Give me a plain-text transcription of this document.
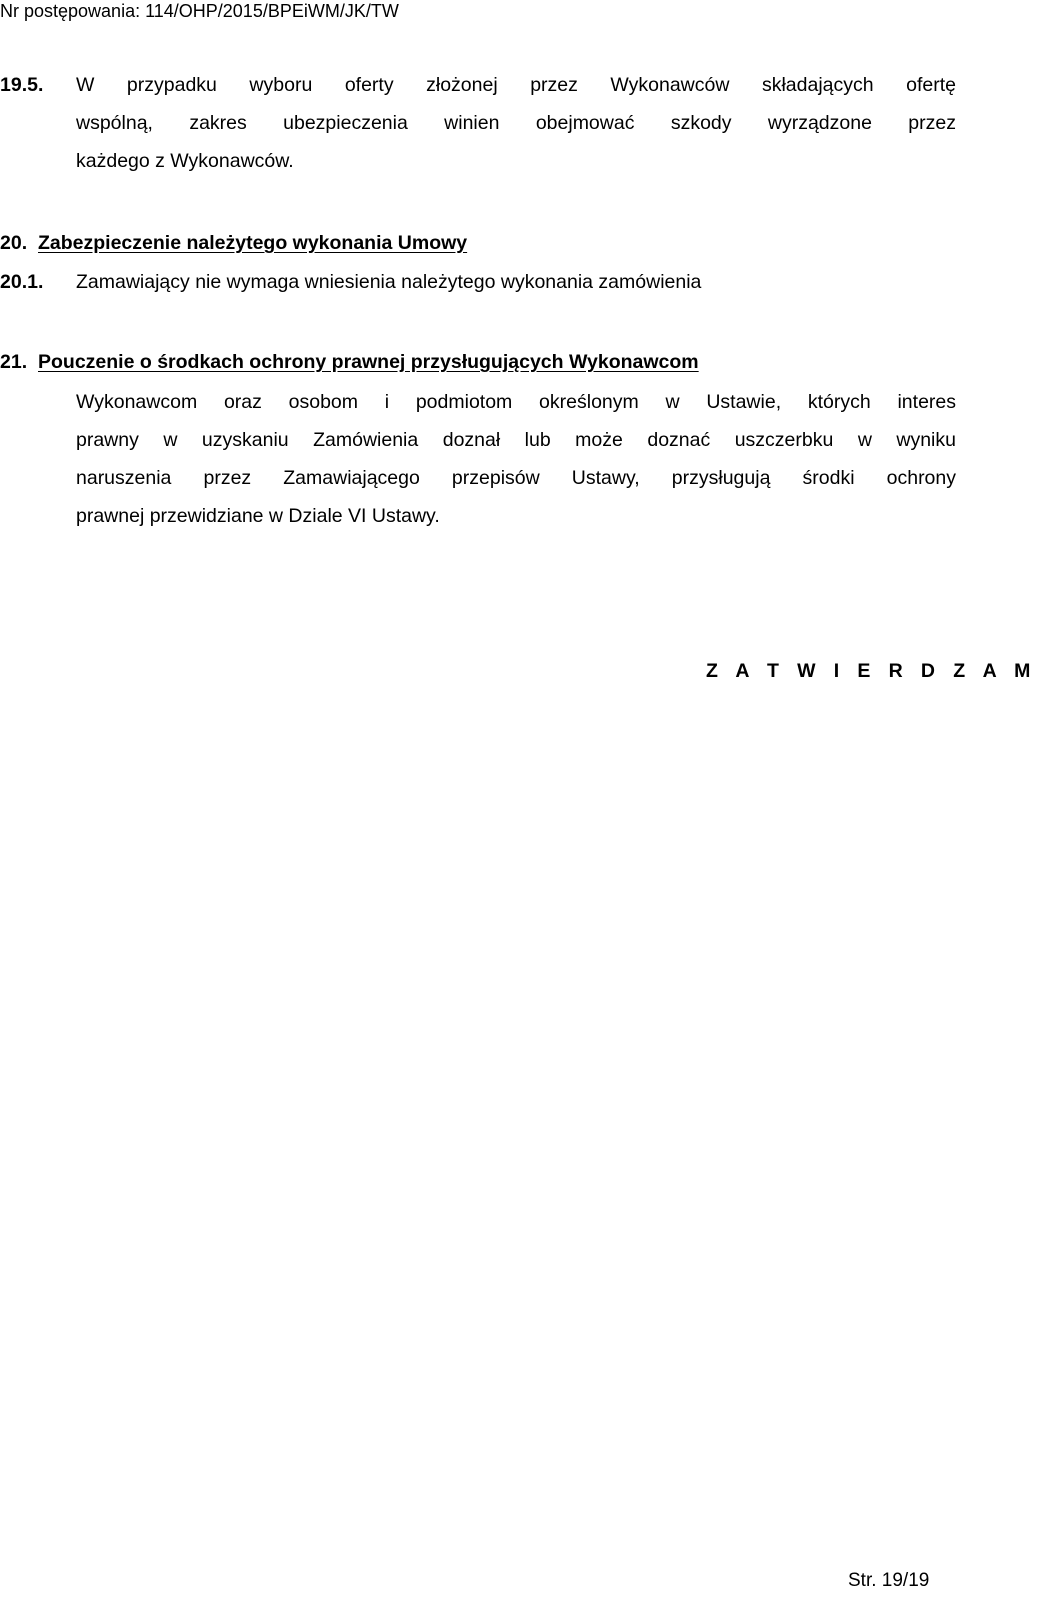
Nr postępowania: 114/OHP/2015/BPEiWM/JK/TW
19.5. W przypadku wyboru oferty złożonej przez Wykonawców składających ofertę
wspólną, zakres ubezpieczenia winien obejmować szkody wyrządzone przez
każdego z Wykonawców.
20. Zabezpieczenie należytego wykonania Umowy
20.1. Zamawiający nie wymaga wniesienia należytego wykonania zamówienia
21. Pouczenie o środkach ochrony prawnej przysługujących Wykonawcom
Wykonawcom oraz osobom i podmiotom określonym w Ustawie, których interes
prawny w uzyskaniu Zamówienia doznał lub może doznać uszczerbku w wyniku
naruszenia przez Zamawiającego przepisów Ustawy, przysługują środki ochrony
prawnej przewidziane w Dziale VI Ustawy.
Z A T W I E R D Z A M
Str. 19/19
